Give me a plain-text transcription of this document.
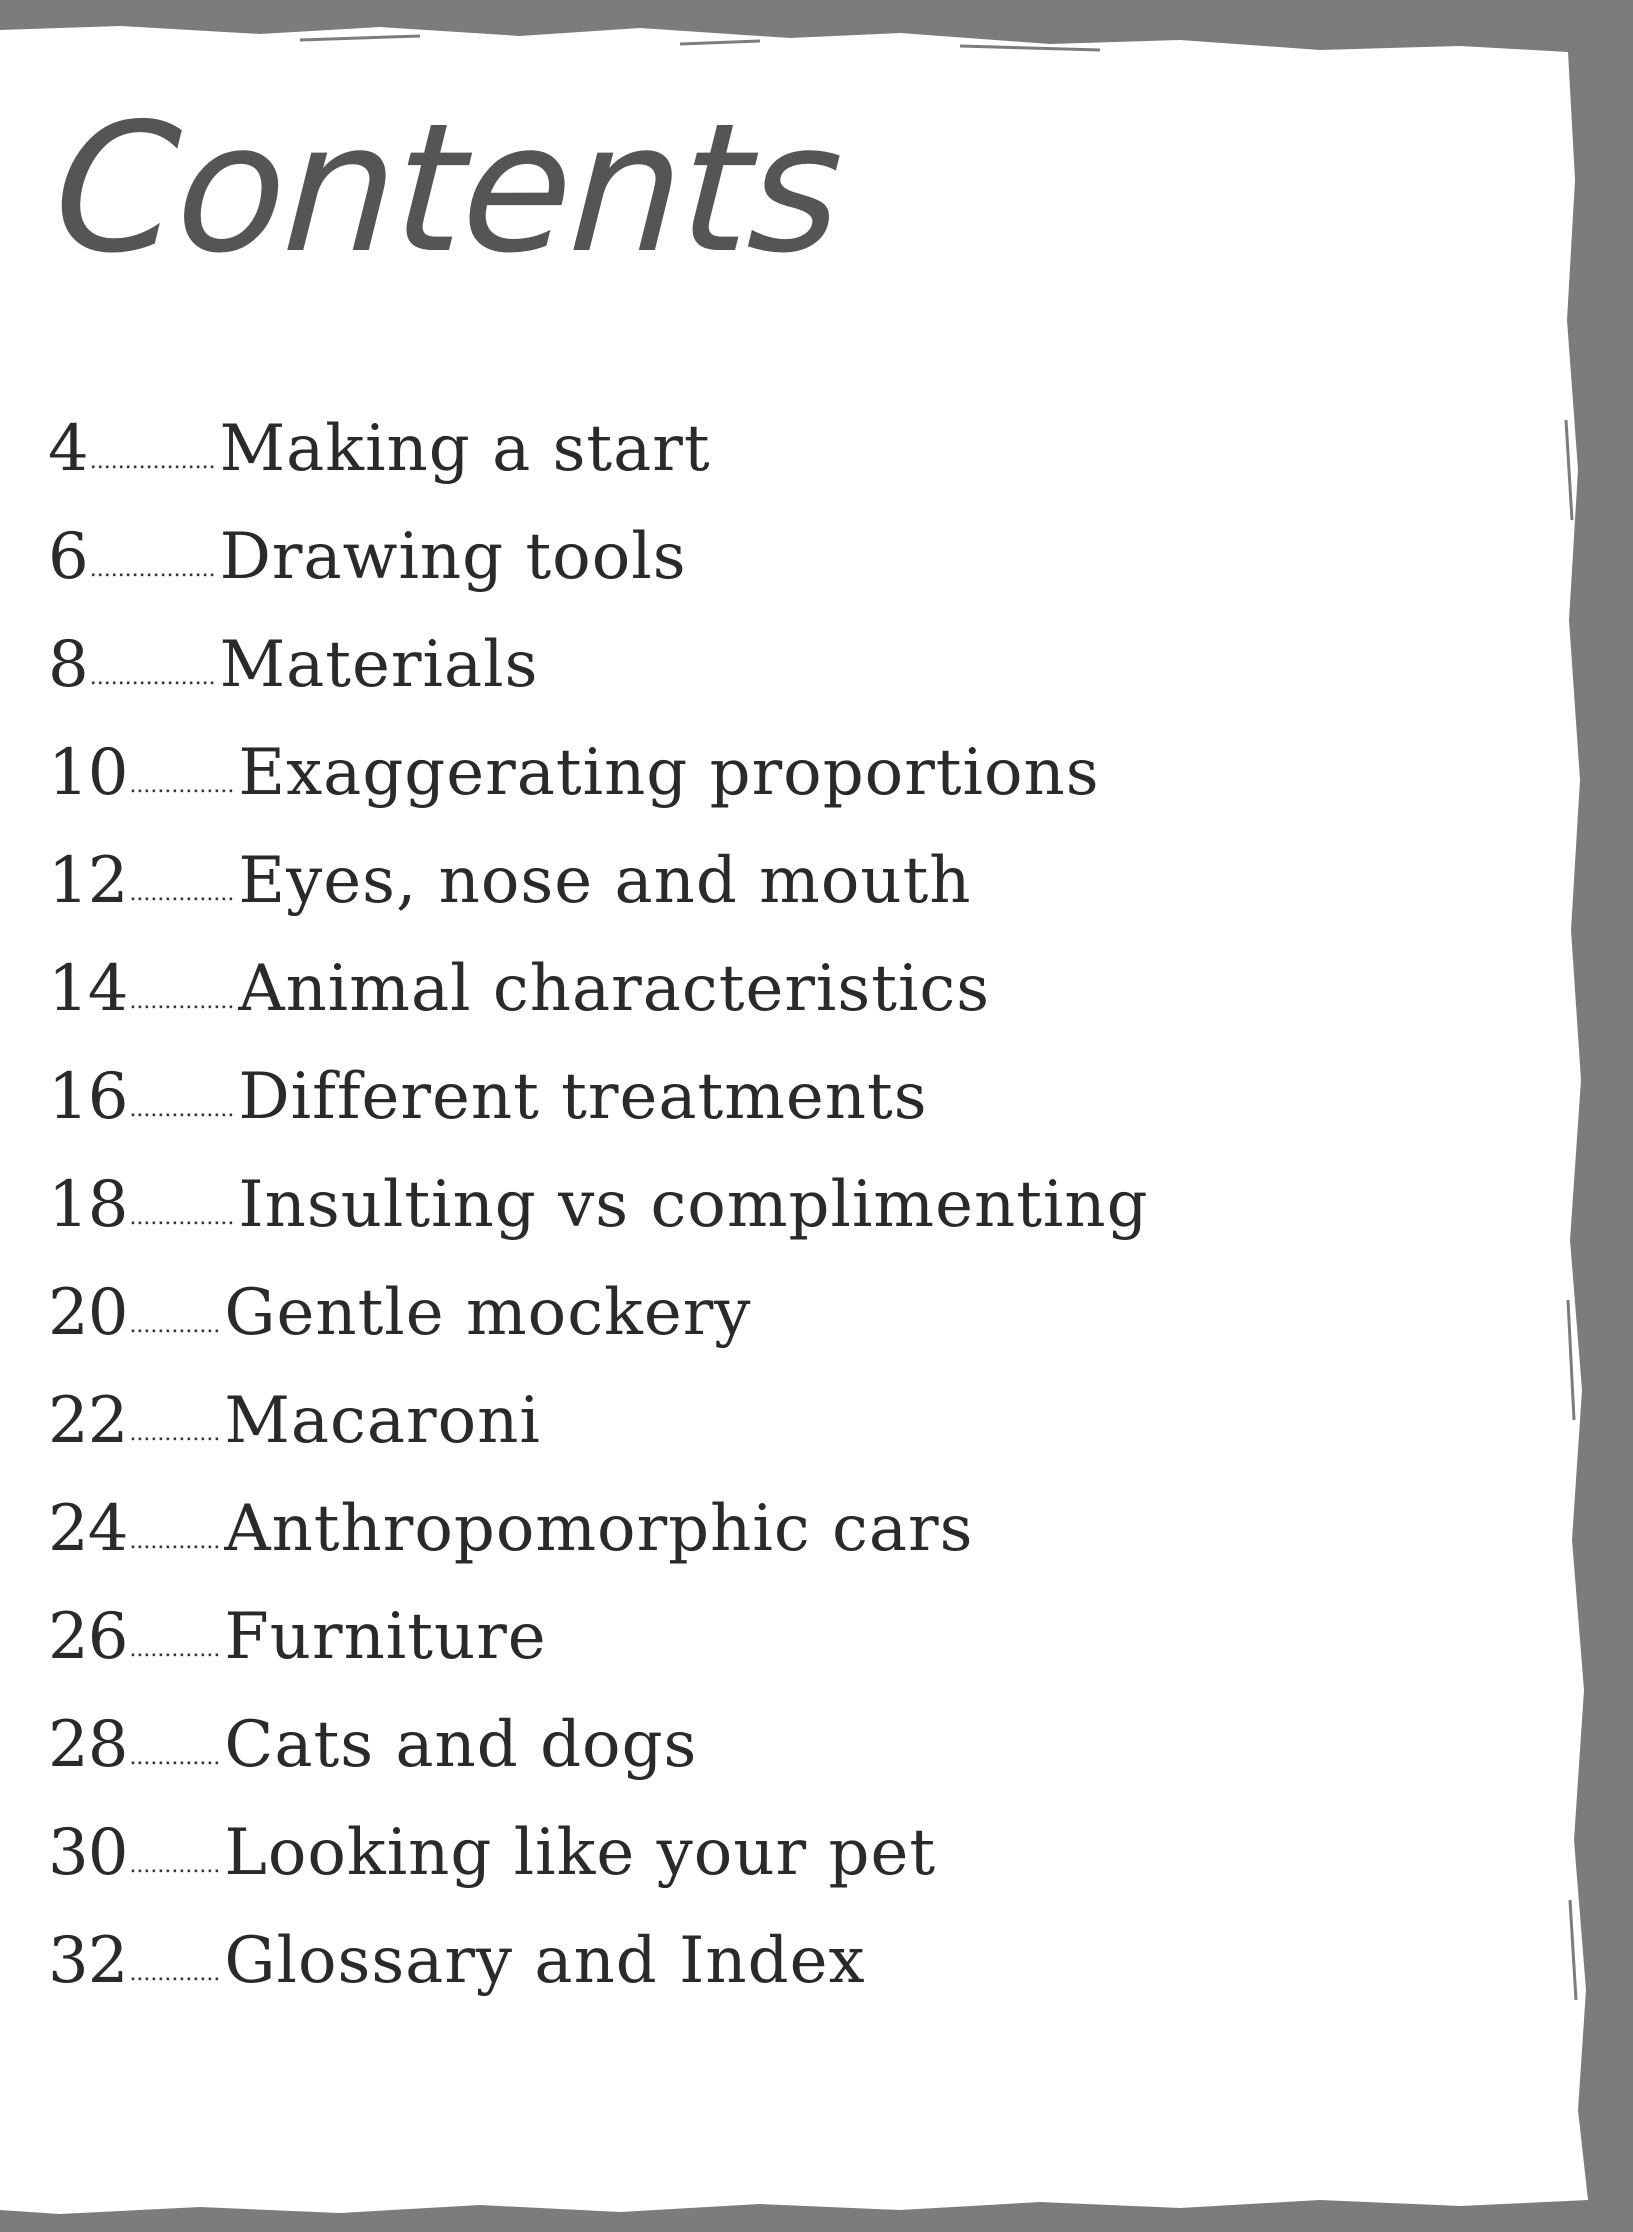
Contents
4 .................. Making a start
6 .................. Drawing tools
8 .................. Materials
10 ............... Exaggerating proportions
12 ............... Eyes, nose and mouth
14 ............... Animal characteristics
16 ............... Different treatments
18 ............... Insulting vs complimenting
20 ............. Gentle mockery
22 ............. Macaroni
24 ............. Anthropomorphic cars
26 ............. Furniture
28 ............. Cats and dogs
30 ............. Looking like your pet
32 ............. Glossary and Index
